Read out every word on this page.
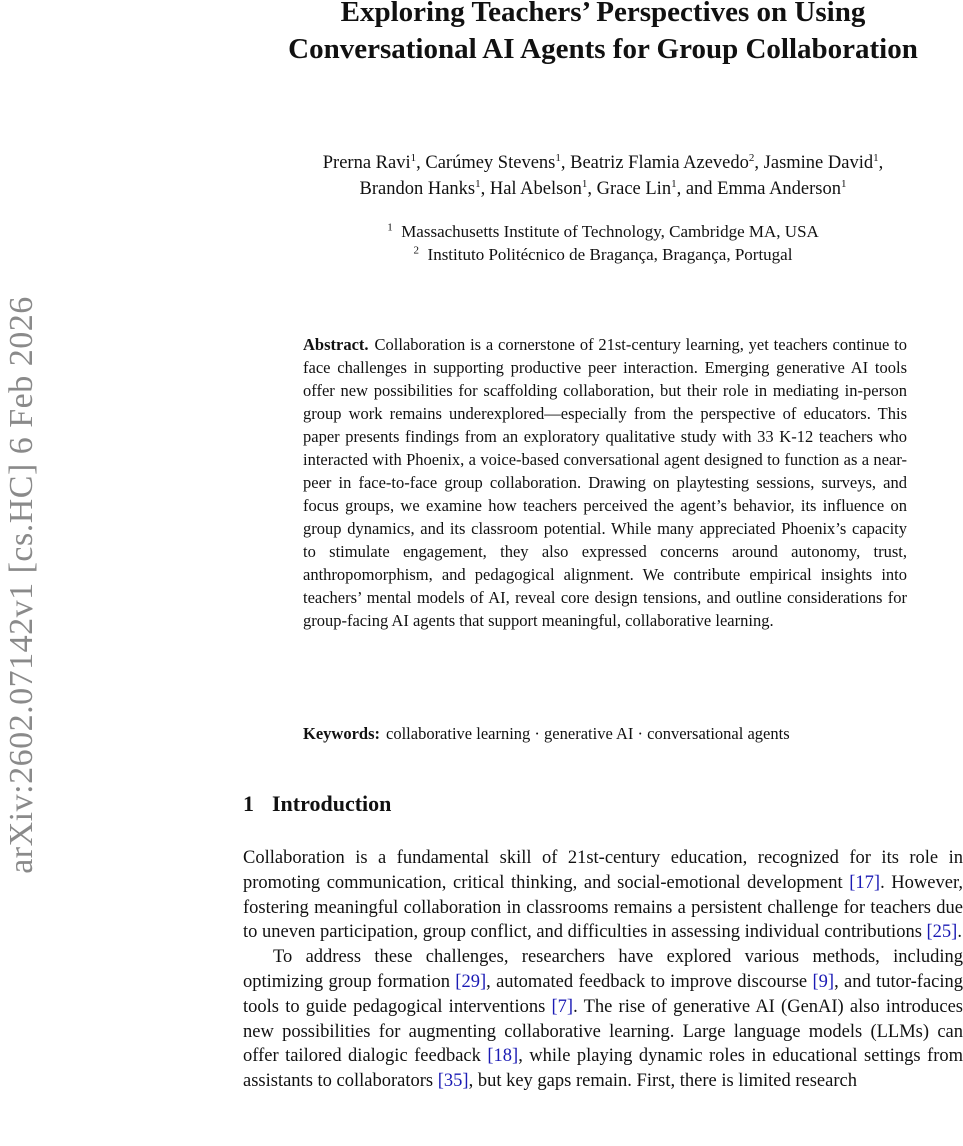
arXiv:2602.07142v1 [cs.HC] 6 Feb 2026
Exploring Teachers’ Perspectives on Using Conversational AI Agents for Group Collaboration
Prerna Ravi$^1$, Carúmey Stevens$^1$, Beatriz Flamia Azevedo$^2$, Jasmine David$^1$,
Brandon Hanks$^1$, Hal Abelson$^1$, Grace Lin$^1$, and Emma Anderson$^1$
$^1$ Massachusetts Institute of Technology, Cambridge MA, USA
$^2$ Instituto Politécnico de Bragança, Bragança, Portugal
Abstract. Collaboration is a cornerstone of 21st-century learning, yet teachers continue to face challenges in supporting productive peer interaction. Emerging generative AI tools offer new possibilities for scaffolding collaboration, but their role in mediating in-person group work remains underexplored—especially from the perspective of educators. This paper presents findings from an exploratory qualitative study with 33 K-12 teachers who interacted with Phoenix, a voice-based conversational agent designed to function as a near-peer in face-to-face group collaboration. Drawing on playtesting sessions, surveys, and focus groups, we examine how teachers perceived the agent’s behavior, its influence on group dynamics, and its classroom potential. While many appreciated Phoenix’s capacity to stimulate engagement, they also expressed concerns around autonomy, trust, anthropomorphism, and pedagogical alignment. We contribute empirical insights into teachers’ mental models of AI, reveal core design tensions, and outline considerations for group-facing AI agents that support meaningful, collaborative learning.
Keywords: collaborative learning · generative AI · conversational agents
1 Introduction

Collaboration is a fundamental skill of 21st-century education, recognized for its role in promoting communication, critical thinking, and social-emotional development [17]. However, fostering meaningful collaboration in classrooms remains a persistent challenge for teachers due to uneven participation, group conflict, and difficulties in assessing individual contributions [25].

To address these challenges, researchers have explored various methods, including optimizing group formation [29], automated feedback to improve discourse [9], and tutor-facing tools to guide pedagogical interventions [7]. The rise of generative AI (GenAI) also introduces new possibilities for augmenting collaborative learning. Large language models (LLMs) can offer tailored dialogic feedback [18], while playing dynamic roles in educational settings from assistants to collaborators [35], but key gaps remain. First, there is limited research
